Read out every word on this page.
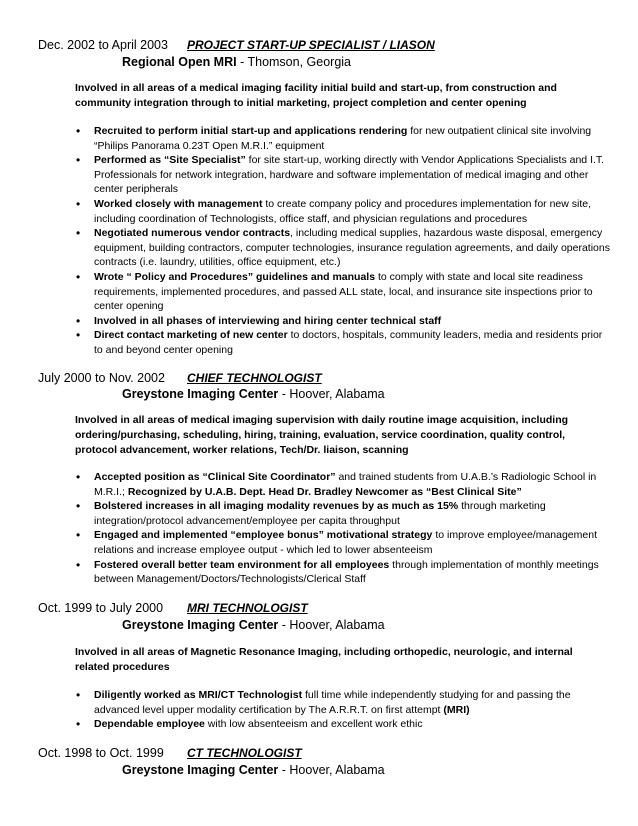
Dec. 2002 to April 2003 PROJECT START-UP SPECIALIST / LIASON
Regional Open MRI - Thomson, Georgia
Involved in all areas of a medical imaging facility initial build and start-up, from construction and community integration through to initial marketing, project completion and center opening
• Recruited to perform initial start-up and applications rendering for new outpatient clinical site involving “Philips Panorama 0.23T Open M.R.I.” equipment
• Performed as “Site Specialist” for site start-up, working directly with Vendor Applications Specialists and I.T. Professionals for network integration, hardware and software implementation of medical imaging and other center peripherals
• Worked closely with management to create company policy and procedures implementation for new site, including coordination of Technologists, office staff, and physician regulations and procedures
• Negotiated numerous vendor contracts, including medical supplies, hazardous waste disposal, emergency equipment, building contractors, computer technologies, insurance regulation agreements, and daily operations contracts (i.e. laundry, utilities, office equipment, etc.)
• Wrote “ Policy and Procedures” guidelines and manuals to comply with state and local site readiness requirements, implemented procedures, and passed ALL state, local, and insurance site inspections prior to center opening
• Involved in all phases of interviewing and hiring center technical staff
• Direct contact marketing of new center to doctors, hospitals, community leaders, media and residents prior to and beyond center opening
July 2000 to Nov. 2002 CHIEF TECHNOLOGIST
Greystone Imaging Center - Hoover, Alabama
Involved in all areas of medical imaging supervision with daily routine image acquisition, including ordering/purchasing, scheduling, hiring, training, evaluation, service coordination, quality control, protocol advancement, worker relations, Tech/Dr. liaison, scanning
• Accepted position as “Clinical Site Coordinator” and trained students from U.A.B.’s Radiologic School in M.R.I.; Recognized by U.A.B. Dept. Head Dr. Bradley Newcomer as “Best Clinical Site”
• Bolstered increases in all imaging modality revenues by as much as 15% through marketing integration/protocol advancement/employee per capita throughput
• Engaged and implemented “employee bonus” motivational strategy to improve employee/management relations and increase employee output - which led to lower absenteeism
• Fostered overall better team environment for all employees through implementation of monthly meetings between Management/Doctors/Technologists/Clerical Staff
Oct. 1999 to July 2000 MRI TECHNOLOGIST
Greystone Imaging Center - Hoover, Alabama
Involved in all areas of Magnetic Resonance Imaging, including orthopedic, neurologic, and internal related procedures
• Diligently worked as MRI/CT Technologist full time while independently studying for and passing the advanced level upper modality certification by The A.R.R.T. on first attempt (MRI)
• Dependable employee with low absenteeism and excellent work ethic
Oct. 1998 to Oct. 1999 CT TECHNOLOGIST
Greystone Imaging Center - Hoover, Alabama
